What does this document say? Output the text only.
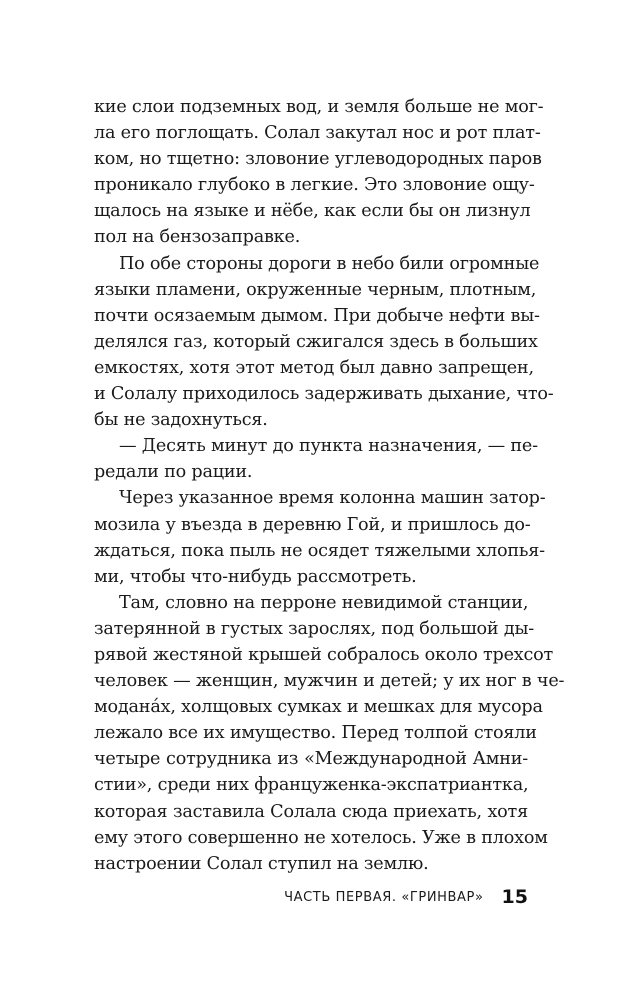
кие слои подземных вод, и земля больше не мог-
ла его поглощать. Солал закутал нос и рот плат-
ком, но тщетно: зловоние углеводородных паров
проникало глубоко в легкие. Это зловоние ощу-
щалось на языке и нёбе, как если бы он лизнул
пол на бензозаправке.
По обе стороны дороги в небо били огромные
языки пламени, окруженные черным, плотным,
почти осязаемым дымом. При добыче нефти вы-
делялся газ, который сжигался здесь в больших
емкостях, хотя этот метод был давно запрещен,
и Солалу приходилось задерживать дыхание, что-
бы не задохнуться.
— Десять минут до пункта назначения, — пе-
редали по рации.
Через указанное время колонна машин затор-
мозила у въезда в деревню Гой, и пришлось до-
ждаться, пока пыль не осядет тяжелыми хлопья-
ми, чтобы что-нибудь рассмотреть.
Там, словно на перроне невидимой станции,
затерянной в густых зарослях, под большой ды-
рявой жестяной крышей собралось около трехсот
человек — женщин, мужчин и детей; у их ног в че-
модана́х, холщовых сумках и мешках для мусора
лежало все их имущество. Перед толпой стояли
четыре сотрудника из «Международной Амни-
стии», среди них француженка-экспатриантка,
которая заставила Солала сюда приехать, хотя
ему этого совершенно не хотелось. Уже в плохом
настроении Солал ступил на землю.
ЧАСТЬ ПЕРВАЯ. «ГРИНВАР» 15
